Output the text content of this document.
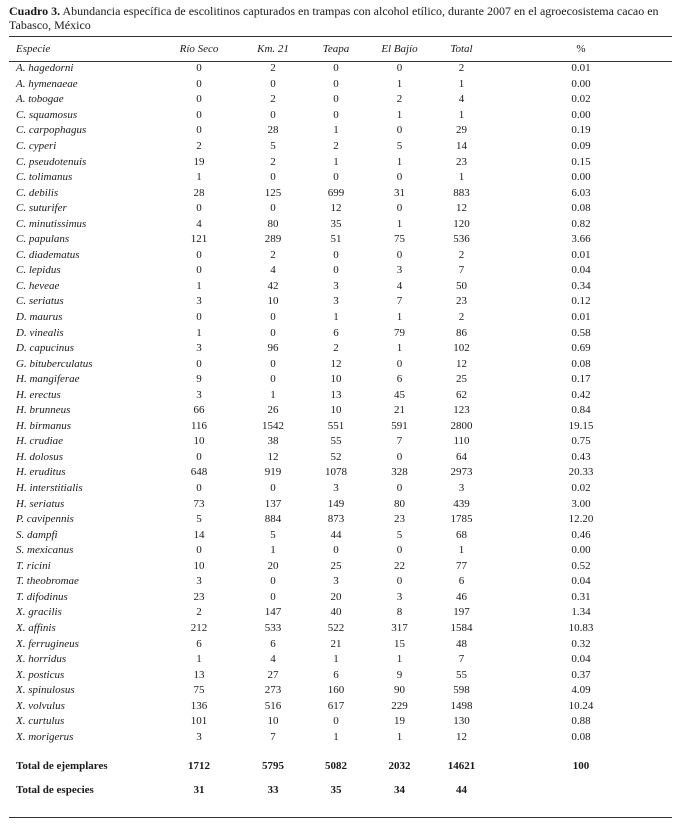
Cuadro 3. Abundancia específica de escolitinos capturados en trampas con alcohol etílico, durante 2007 en el agroecosistema cacao en Tabasco, México
Especie	Río Seco	Km. 21	Teapa	El Bajío	Total	%
A. hagedorni	0	2	0	0	2	0.01
A. hymenaeae	0	0	0	1	1	0.00
A. tobogae	0	2	0	2	4	0.02
C. squamosus	0	0	0	1	1	0.00
C. carpophagus	0	28	1	0	29	0.19
C. cyperi	2	5	2	5	14	0.09
C. pseudotenuis	19	2	1	1	23	0.15
C. tolimanus	1	0	0	0	1	0.00
C. debilis	28	125	699	31	883	6.03
C. suturifer	0	0	12	0	12	0.08
C. minutissimus	4	80	35	1	120	0.82
C. papulans	121	289	51	75	536	3.66
C. diadematus	0	2	0	0	2	0.01
C. lepidus	0	4	0	3	7	0.04
C. heveae	1	42	3	4	50	0.34
C. seriatus	3	10	3	7	23	0.12
D. maurus	0	0	1	1	2	0.01
D. vinealis	1	0	6	79	86	0.58
D. capucinus	3	96	2	1	102	0.69
G. bituberculatus	0	0	12	0	12	0.08
H. mangiferae	9	0	10	6	25	0.17
H. erectus	3	1	13	45	62	0.42
H. brunneus	66	26	10	21	123	0.84
H. birmanus	116	1542	551	591	2800	19.15
H. crudiae	10	38	55	7	110	0.75
H. dolosus	0	12	52	0	64	0.43
H. eruditus	648	919	1078	328	2973	20.33
H. interstitialis	0	0	3	0	3	0.02
H. seriatus	73	137	149	80	439	3.00
P. cavipennis	5	884	873	23	1785	12.20
S. dampfi	14	5	44	5	68	0.46
S. mexicanus	0	1	0	0	1	0.00
T. ricini	10	20	25	22	77	0.52
T. theobromae	3	0	3	0	6	0.04
T. difodinus	23	0	20	3	46	0.31
X. gracilis	2	147	40	8	197	1.34
X. affinis	212	533	522	317	1584	10.83
X. ferrugineus	6	6	21	15	48	0.32
X. horridus	1	4	1	1	7	0.04
X. posticus	13	27	6	9	55	0.37
X. spinulosus	75	273	160	90	598	4.09
X. volvulus	136	516	617	229	1498	10.24
X. curtulus	101	10	0	19	130	0.88
X. morigerus	3	7	1	1	12	0.08

Total de ejemplares	1712	5795	5082	2032	14621	100
Total de especies	31	33	35	34	44	
